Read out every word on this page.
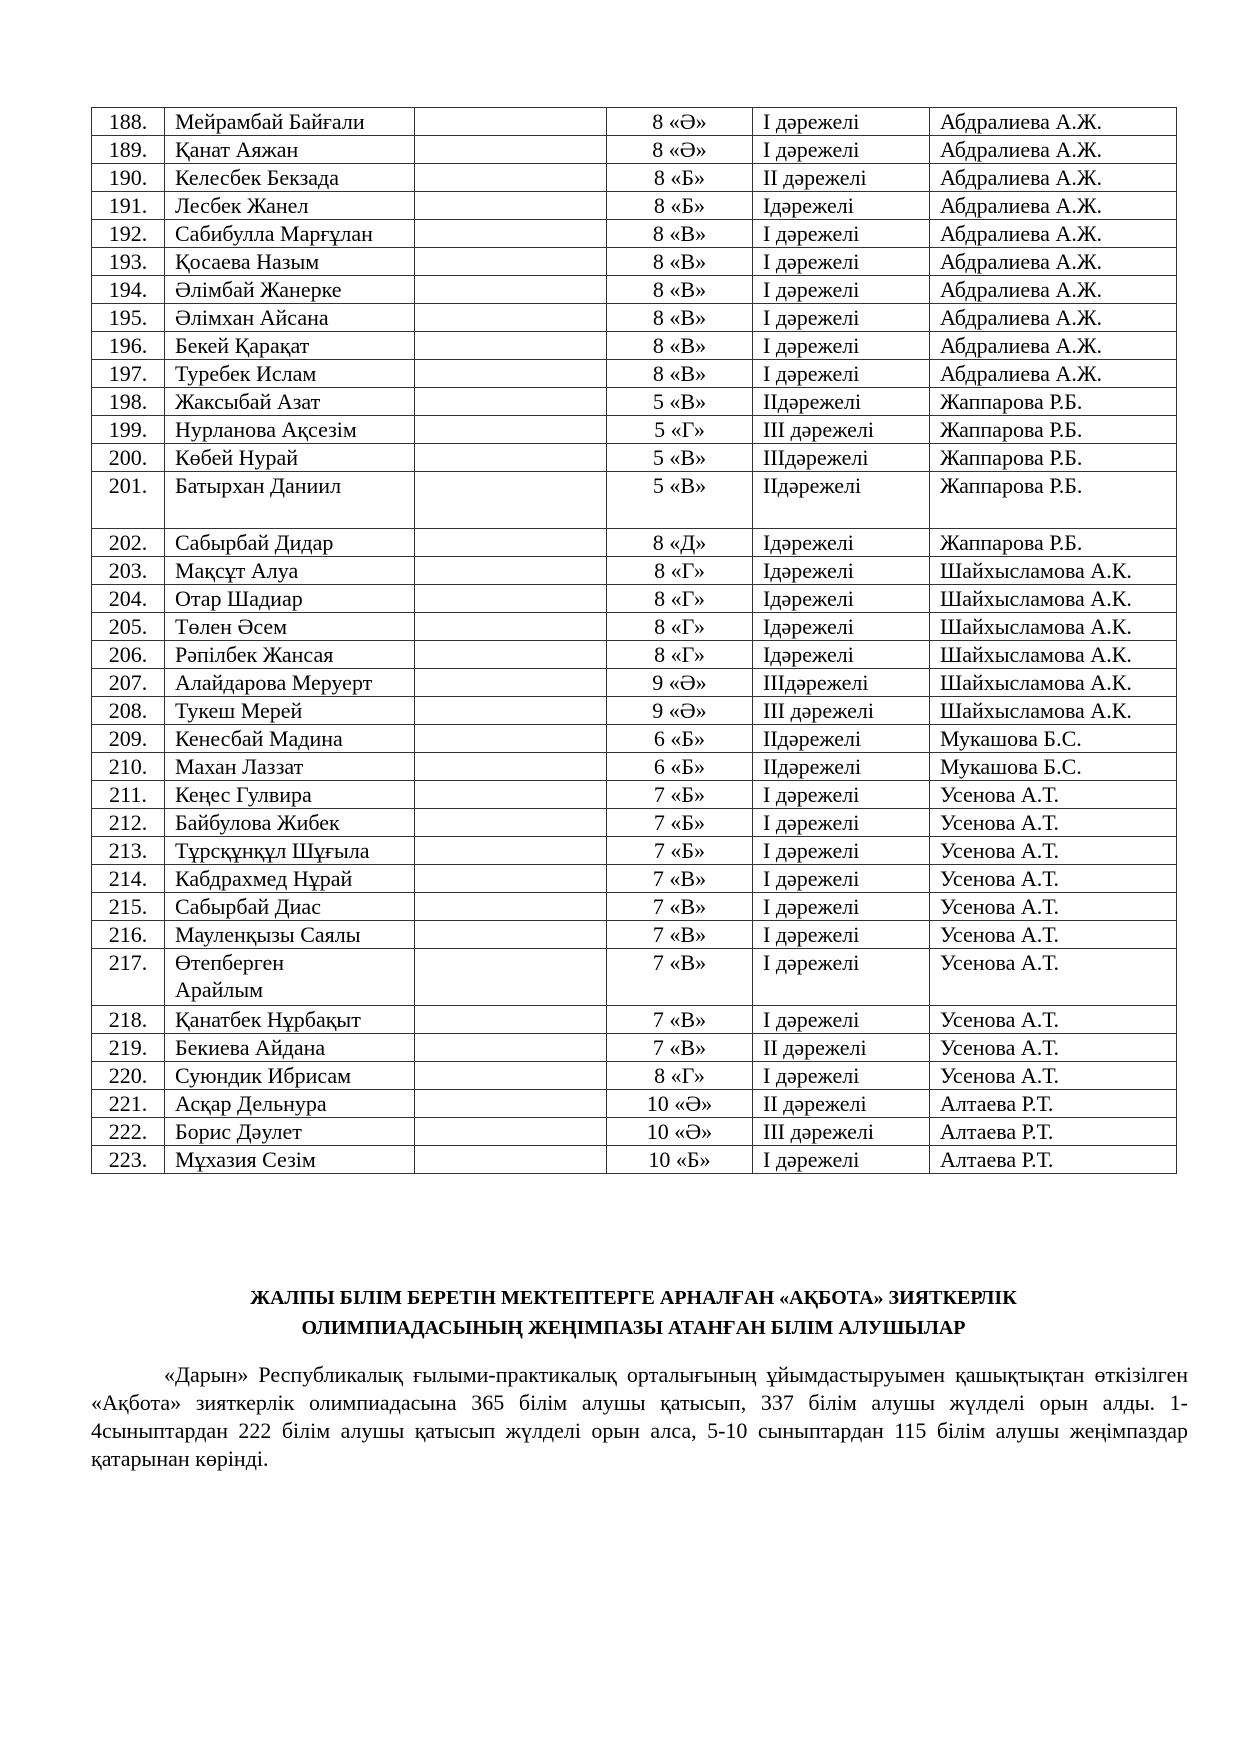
188.	Мейрамбай Байғали		8 «Ә»	І дәрежелі	Абдралиева А.Ж.
189.	Қанат Аяжан		8 «Ә»	І дәрежелі	Абдралиева А.Ж.
190.	Келесбек Бекзада		8 «Б»	ІІ дәрежелі	Абдралиева А.Ж.
191.	Лесбек Жанел		8 «Б»	Ідәрежелі	Абдралиева А.Ж.
192.	Сабибулла Марғұлан		8 «В»	І дәрежелі	Абдралиева А.Ж.
193.	Қосаева Назым		8 «В»	І дәрежелі	Абдралиева А.Ж.
194.	Әлімбай Жанерке		8 «В»	І дәрежелі	Абдралиева А.Ж.
195.	Әлімхан Айсана		8 «В»	І дәрежелі	Абдралиева А.Ж.
196.	Бекей Қарақат		8 «В»	І дәрежелі	Абдралиева А.Ж.
197.	Туребек Ислам		8 «В»	І дәрежелі	Абдралиева А.Ж.
198.	Жаксыбай Азат		5 «В»	ІІдәрежелі	Жаппарова Р.Б.
199.	Нурланова Ақсезім		5 «Г»	ІІІ дәрежелі	Жаппарова Р.Б.
200.	Көбей Нурай		5 «В»	ІІІдәрежелі	Жаппарова Р.Б.
201.	Батырхан Даниил		5 «В»	ІІдәрежелі	Жаппарова Р.Б.
202.	Сабырбай Дидар		8 «Д»	Ідәрежелі	Жаппарова Р.Б.
203.	Мақсұт Алуа		8 «Г»	Ідәрежелі	Шайхысламова А.К.
204.	Отар Шадиар		8 «Г»	Ідәрежелі	Шайхысламова А.К.
205.	Төлен Әсем		8 «Г»	Ідәрежелі	Шайхысламова А.К.
206.	Рәпілбек Жансая		8 «Г»	Ідәрежелі	Шайхысламова А.К.
207.	Алайдарова Меруерт		9 «Ә»	ІІІдәрежелі	Шайхысламова А.К.
208.	Тукеш Мерей		9 «Ә»	ІІІ дәрежелі	Шайхысламова А.К.
209.	Кенесбай Мадина		6 «Б»	ІІдәрежелі	Мукашова Б.С.
210.	Махан Лаззат		6 «Б»	ІІдәрежелі	Мукашова Б.С.
211.	Кеңес Гулвира		7 «Б»	І дәрежелі	Усенова А.Т.
212.	Байбулова Жибек		7 «Б»	І дәрежелі	Усенова А.Т.
213.	Тұрсқұнқұл Шұғыла		7 «Б»	І дәрежелі	Усенова А.Т.
214.	Кабдрахмед Нұрай		7 «В»	І дәрежелі	Усенова А.Т.
215.	Сабырбай Диас		7 «В»	І дәрежелі	Усенова А.Т.
216.	Мауленқызы Саялы		7 «В»	І дәрежелі	Усенова А.Т.
217.	Өтепберген
Арайлым		7 «В»	І дәрежелі	Усенова А.Т.
218.	Қанатбек Нұрбақыт		7 «В»	І дәрежелі	Усенова А.Т.
219.	Бекиева Айдана		7 «В»	ІІ дәрежелі	Усенова А.Т.
220.	Суюндик Ибрисам		8 «Г»	І дәрежелі	Усенова А.Т.
221.	Асқар Дельнура		10 «Ә»	ІІ дәрежелі	Алтаева Р.Т.
222.	Борис Дәулет		10 «Ә»	ІІІ дәрежелі	Алтаева Р.Т.
223.	Мұхазия Сезім		10 «Б»	І дәрежелі	Алтаева Р.Т.
ЖАЛПЫ БІЛІМ БЕРЕТІН МЕКТЕПТЕРГЕ АРНАЛҒАН «АҚБОТА» ЗИЯТКЕРЛІК
ОЛИМПИАДАСЫНЫҢ ЖЕҢІМПАЗЫ АТАНҒАН БІЛІМ АЛУШЫЛАР

«Дарын» Республикалық ғылыми-практикалық орталығының ұйымдастыруымен қашықтықтан өткізілген «Ақбота» зияткерлік олимпиадасына 365 білім алушы қатысып, 337 білім алушы жүлделі орын алды. 1-4сыныптардан 222 білім алушы қатысып жүлделі орын алса, 5-10 сыныптардан 115 білім алушы жеңімпаздар қатарынан көрінді.
